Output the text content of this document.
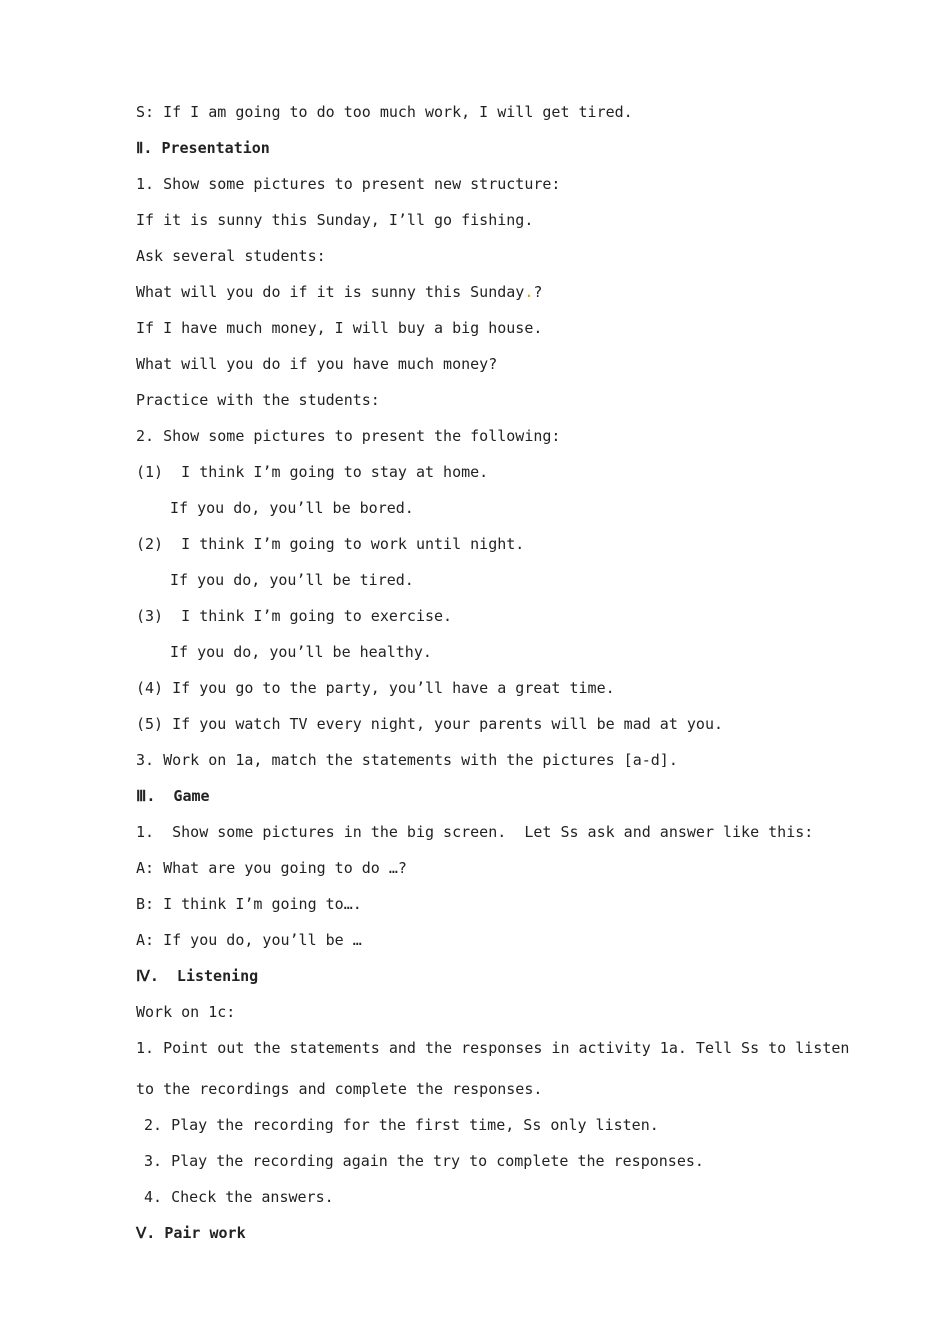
S: If I am going to do too much work, I will get tired.
Ⅱ. Presentation
1. Show some pictures to present new structure:
If it is sunny this Sunday, I’ll go fishing.
Ask several students:
What will you do if it is sunny this Sunday.?
If I have much money, I will buy a big house.
What will you do if you have much money?
Practice with the students:
2. Show some pictures to present the following:
(1)  I think I’m going to stay at home.
If you do, you’ll be bored.
(2)  I think I’m going to work until night.
If you do, you’ll be tired.
(3)  I think I’m going to exercise.
If you do, you’ll be healthy.
(4) If you go to the party, you’ll have a great time.
(5) If you watch TV every night, your parents will be mad at you.
3. Work on 1a, match the statements with the pictures [a-d].
Ⅲ.  Game
1.  Show some pictures in the big screen.  Let Ss ask and answer like this:
A: What are you going to do …?
B: I think I’m going to….
A: If you do, you’ll be …
Ⅳ.  Listening
Work on 1c:
1. Point out the statements and the responses in activity 1a. Tell Ss to listen
to the recordings and complete the responses.
2. Play the recording for the first time, Ss only listen.
3. Play the recording again the try to complete the responses.
4. Check the answers.
Ⅴ. Pair work
